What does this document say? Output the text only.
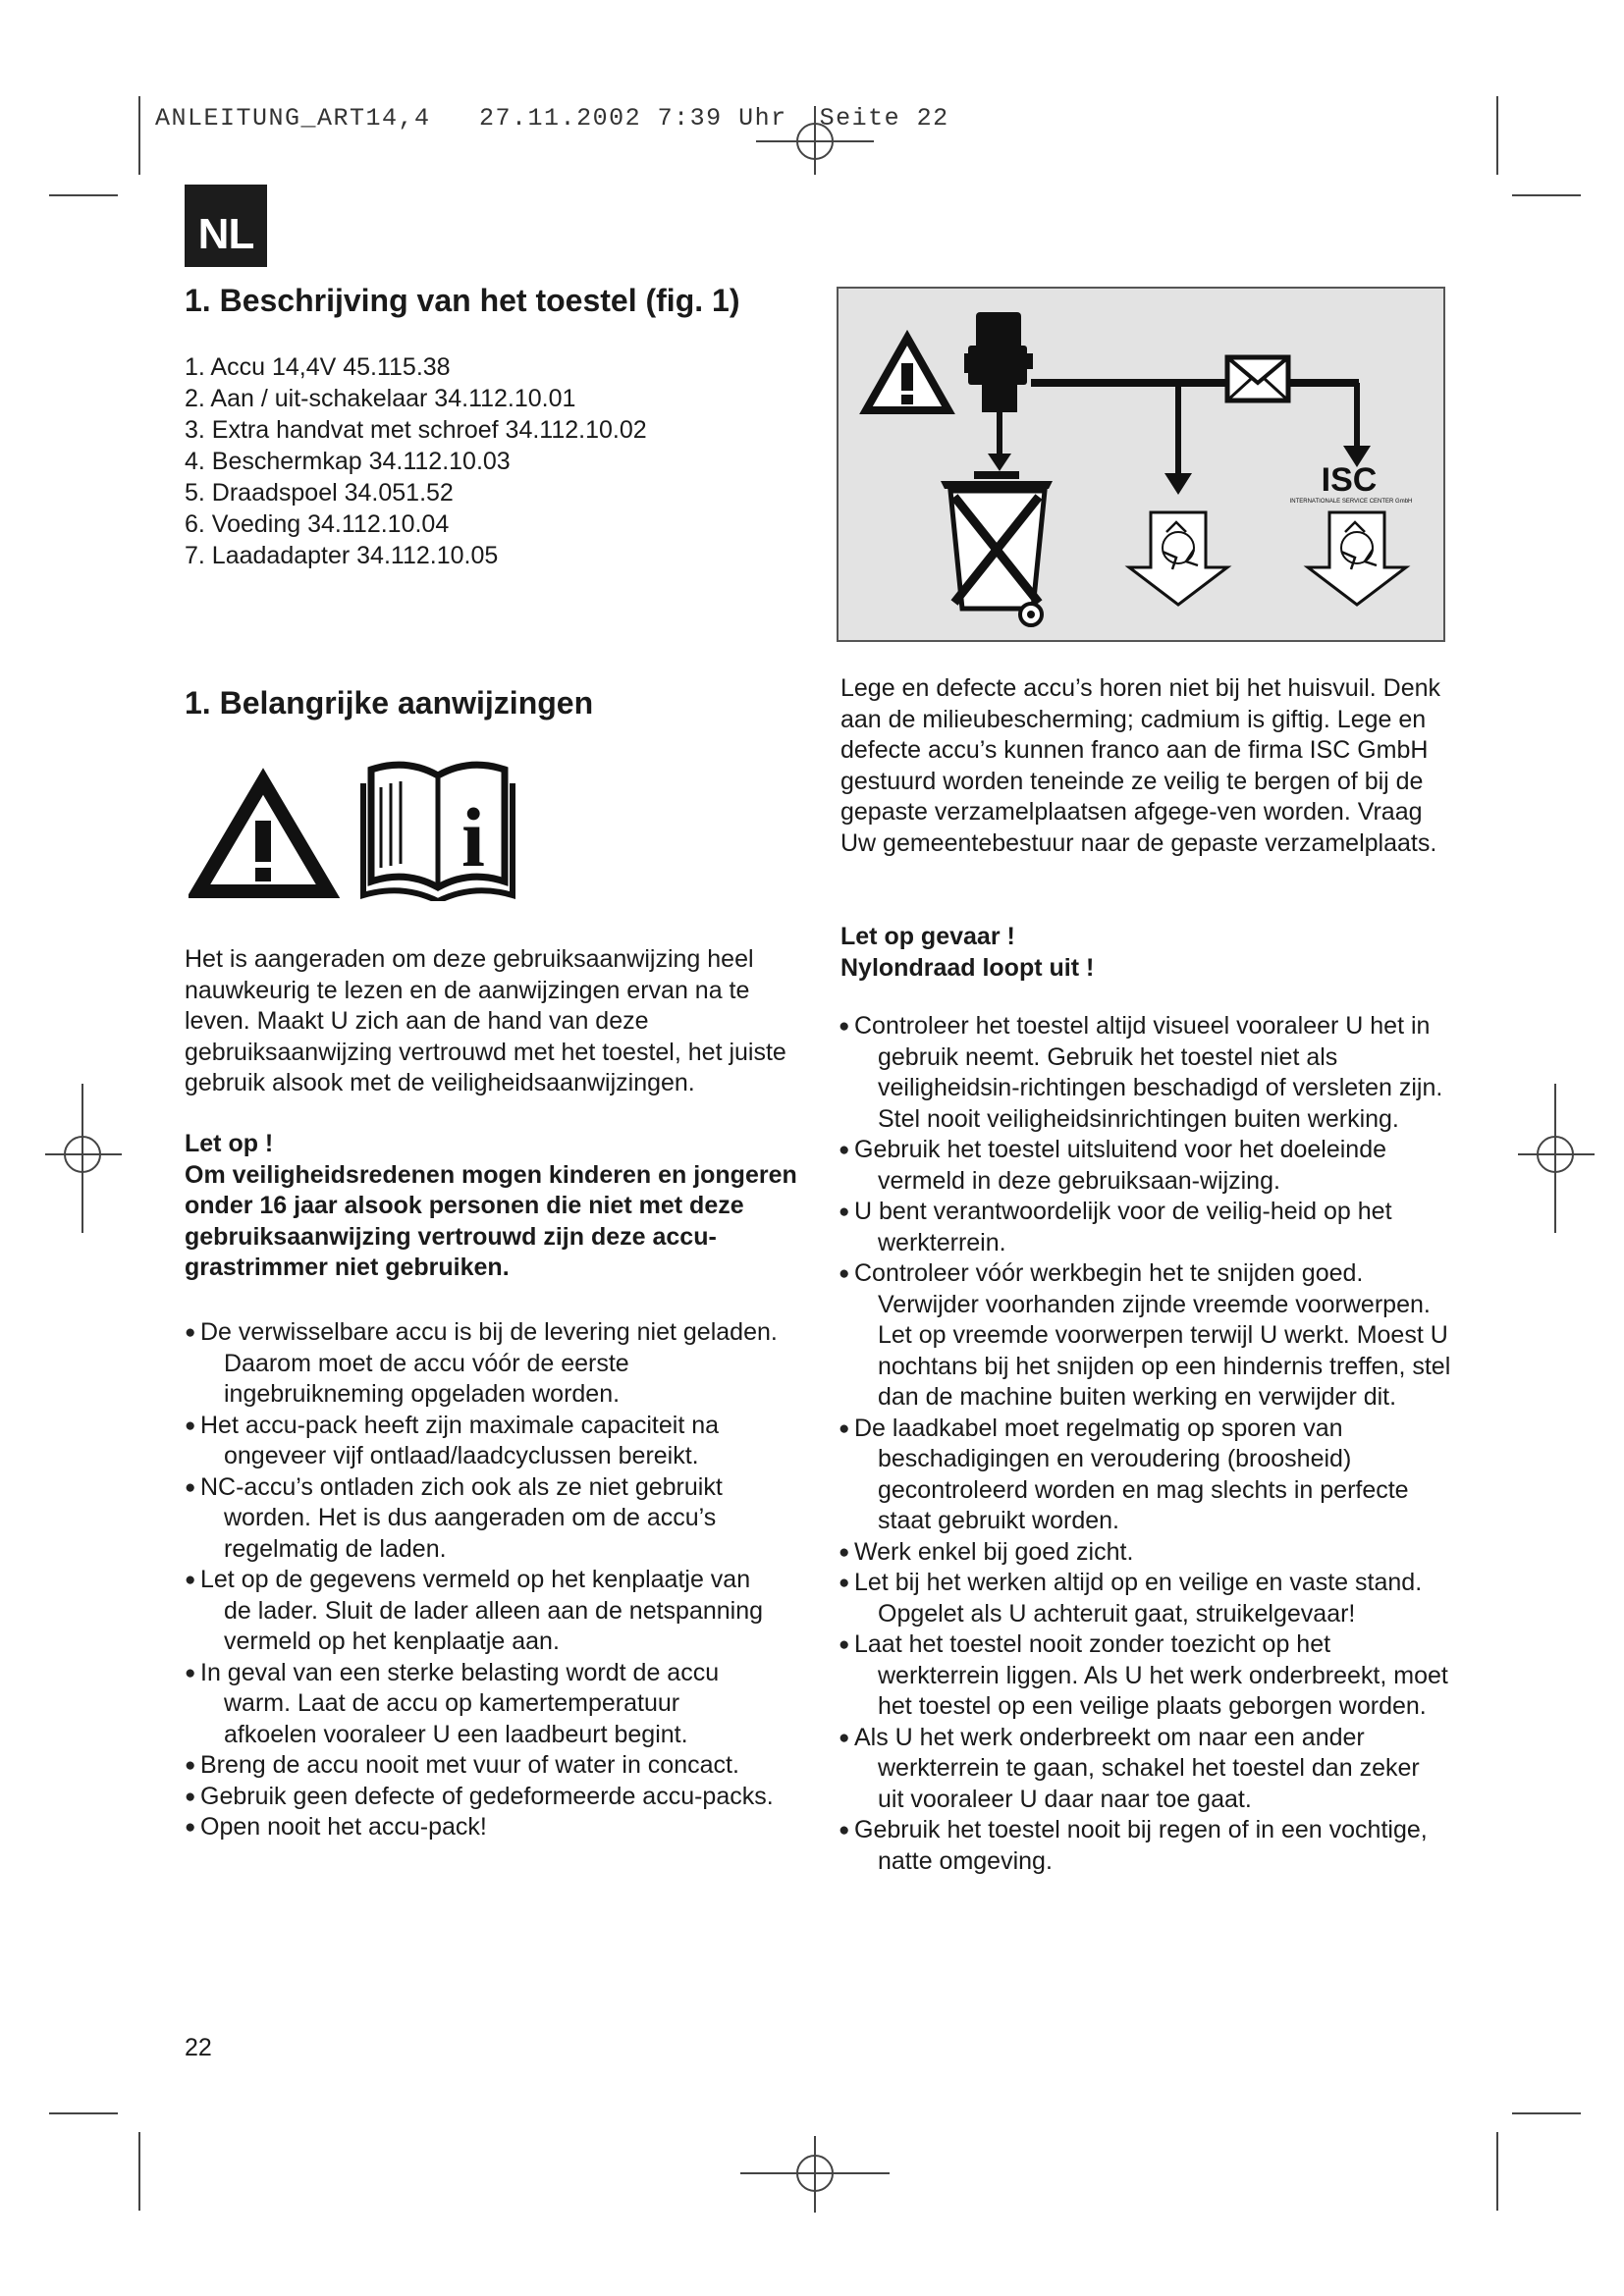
ANLEITUNG_ART14,4   27.11.2002 7:39 Uhr  Seite 22
NL
1. Beschrijving van het toestel (fig. 1)
1. Accu 14,4V 45.115.38
2. Aan / uit-schakelaar 34.112.10.01
3. Extra handvat met schroef 34.112.10.02
4. Beschermkap 34.112.10.03
5. Draadspoel 34.051.52
6. Voeding 34.112.10.04
7. Laadadapter 34.112.10.05
ISC
INTERNATIONALE SERVICE CENTER GmbH
1. Belangrijke aanwijzingen
i

Het is aangeraden om deze gebruiksaanwijzing heel nauwkeurig te lezen en de aanwijzingen ervan na te leven. Maakt U zich aan de hand van deze gebruiksaanwijzing vertrouwd met het toestel, het juiste gebruik alsook met de veiligheidsaanwijzingen.

Let op !
Om veiligheidsredenen mogen kinderen en jongeren onder 16 jaar alsook personen die niet met deze gebruiksaanwijzing vertrouwd zijn deze accu-grastrimmer niet gebruiken.
● De verwisselbare accu is bij de levering niet geladen. Daarom moet de accu vóór de eerste ingebruikneming opgeladen worden.
● Het accu-pack heeft zijn maximale capaciteit na ongeveer vijf ontlaad/laadcyclussen bereikt.
● NC-accu’s ontladen zich ook als ze niet gebruikt worden. Het is dus aangeraden om de accu’s regelmatig de laden.
● Let op de gegevens vermeld op het kenplaatje van de lader. Sluit de lader alleen aan de netspanning vermeld op het kenplaatje aan.
● In geval van een sterke belasting wordt de accu warm. Laat de accu op kamertemperatuur afkoelen vooraleer U een laadbeurt begint.
● Breng de accu nooit met vuur of water in concact.
● Gebruik geen defecte of gedeformeerde accu-packs.
● Open nooit het accu-pack!

Lege en defecte accu’s horen niet bij het huisvuil. Denk aan de milieubescherming; cadmium is giftig. Lege en defecte accu’s kunnen franco aan de firma ISC GmbH gestuurd worden teneinde ze veilig te bergen of bij de gepaste verzamelplaatsen afgege-ven worden. Vraag Uw gemeentebestuur naar de gepaste verzamelplaats.

Let op gevaar !
Nylondraad loopt uit !
● Controleer het toestel altijd visueel vooraleer U het in gebruik neemt. Gebruik het toestel niet als veiligheidsin-richtingen beschadigd of versleten zijn. Stel nooit veiligheidsinrichtingen buiten werking.
● Gebruik het toestel uitsluitend voor het doeleinde vermeld in deze gebruiksaan-wijzing.
● U bent verantwoordelijk voor de veilig-heid op het werkterrein.
● Controleer vóór werkbegin het te snijden goed. Verwijder voorhanden zijnde vreemde voorwerpen. Let op vreemde voorwerpen terwijl U werkt. Moest U nochtans bij het snijden op een hindernis treffen, stel dan de machine buiten werking en verwijder dit.
● De laadkabel moet regelmatig op sporen van beschadigingen en veroudering (broosheid) gecontroleerd worden en mag slechts in perfecte staat gebruikt worden.
● Werk enkel bij goed zicht.
● Let bij het werken altijd op en veilige en vaste stand. Opgelet als U achteruit gaat, struikelgevaar!
● Laat het toestel nooit zonder toezicht op het werkterrein liggen. Als U het werk onderbreekt, moet het toestel op een veilige plaats geborgen worden.
● Als U het werk onderbreekt om naar een ander werkterrein te gaan, schakel het toestel dan zeker uit vooraleer U daar naar toe gaat.
● Gebruik het toestel nooit bij regen of in een vochtige, natte omgeving.
22
